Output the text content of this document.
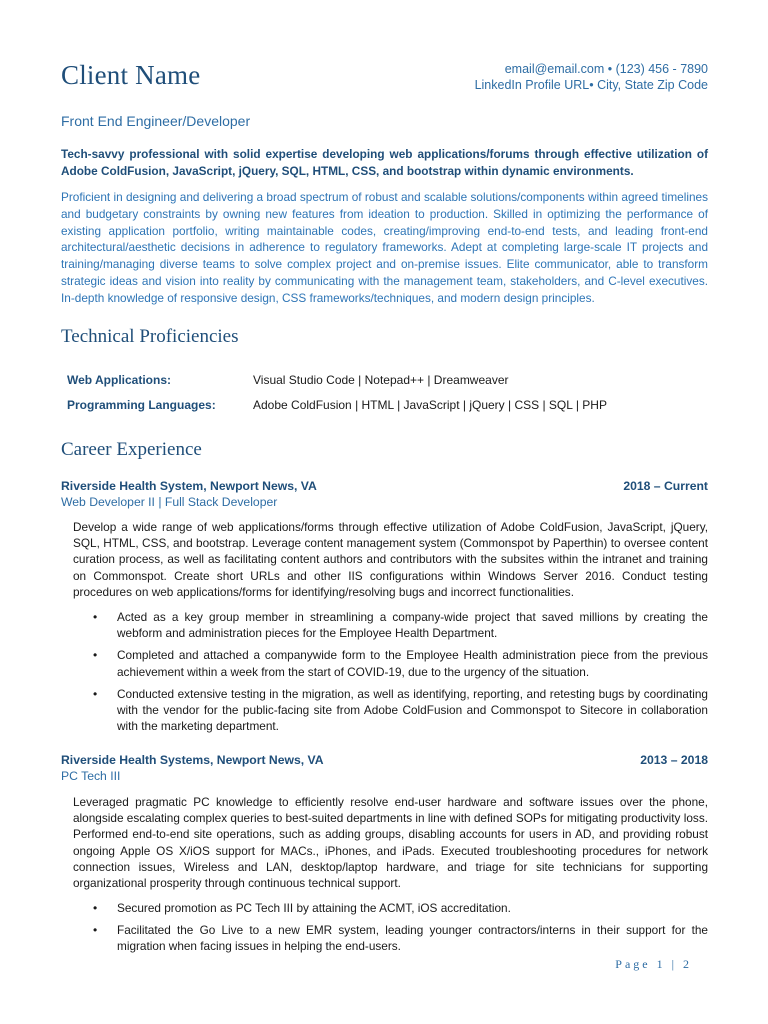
Client Name	email@email.com • (123) 456 - 7890
LinkedIn Profile URL• City, State Zip Code
Front End Engineer/Developer
Tech-savvy professional with solid expertise developing web applications/forums through effective utilization of Adobe ColdFusion, JavaScript, jQuery, SQL, HTML, CSS, and bootstrap within dynamic environments.
Proficient in designing and delivering a broad spectrum of robust and scalable solutions/components within agreed timelines and budgetary constraints by owning new features from ideation to production. Skilled in optimizing the performance of existing application portfolio, writing maintainable codes, creating/improving end-to-end tests, and leading front-end architectural/aesthetic decisions in adherence to regulatory frameworks. Adept at completing large-scale IT projects and training/managing diverse teams to solve complex project and on-premise issues. Elite communicator, able to transform strategic ideas and vision into reality by communicating with the management team, stakeholders, and C-level executives. In-depth knowledge of responsive design, CSS frameworks/techniques, and modern design principles.
Technical Proficiencies
Web Applications:	Visual Studio Code | Notepad++ | Dreamweaver
Programming Languages:	Adobe ColdFusion | HTML | JavaScript | jQuery | CSS | SQL | PHP
Career Experience
Riverside Health System, Newport News, VA	2018 – Current
Web Developer II | Full Stack Developer
Develop a wide range of web applications/forms through effective utilization of Adobe ColdFusion, JavaScript, jQuery, SQL, HTML, CSS, and bootstrap. Leverage content management system (Commonspot by Paperthin) to oversee content curation process, as well as facilitating content authors and contributors with the subsites within the intranet and training on Commonspot. Create short URLs and other IIS configurations within Windows Server 2016. Conduct testing procedures on web applications/forms for identifying/resolving bugs and incorrect functionalities.
• Acted as a key group member in streamlining a company-wide project that saved millions by creating the webform and administration pieces for the Employee Health Department.
• Completed and attached a companywide form to the Employee Health administration piece from the previous achievement within a week from the start of COVID-19, due to the urgency of the situation.
• Conducted extensive testing in the migration, as well as identifying, reporting, and retesting bugs by coordinating with the vendor for the public-facing site from Adobe ColdFusion and Commonspot to Sitecore in collaboration with the marketing department.
Riverside Health Systems, Newport News, VA	2013 – 2018
PC Tech III
Leveraged pragmatic PC knowledge to efficiently resolve end-user hardware and software issues over the phone, alongside escalating complex queries to best-suited departments in line with defined SOPs for mitigating productivity loss. Performed end-to-end site operations, such as adding groups, disabling accounts for users in AD, and providing robust ongoing Apple OS X/iOS support for MACs., iPhones, and iPads. Executed troubleshooting procedures for network connection issues, Wireless and LAN, desktop/laptop hardware, and triage for site technicians for supporting organizational prosperity through continuous technical support.
• Secured promotion as PC Tech III by attaining the ACMT, iOS accreditation.
• Facilitated the Go Live to a new EMR system, leading younger contractors/interns in their support for the migration when facing issues in helping the end-users.
Page 1 | 2
